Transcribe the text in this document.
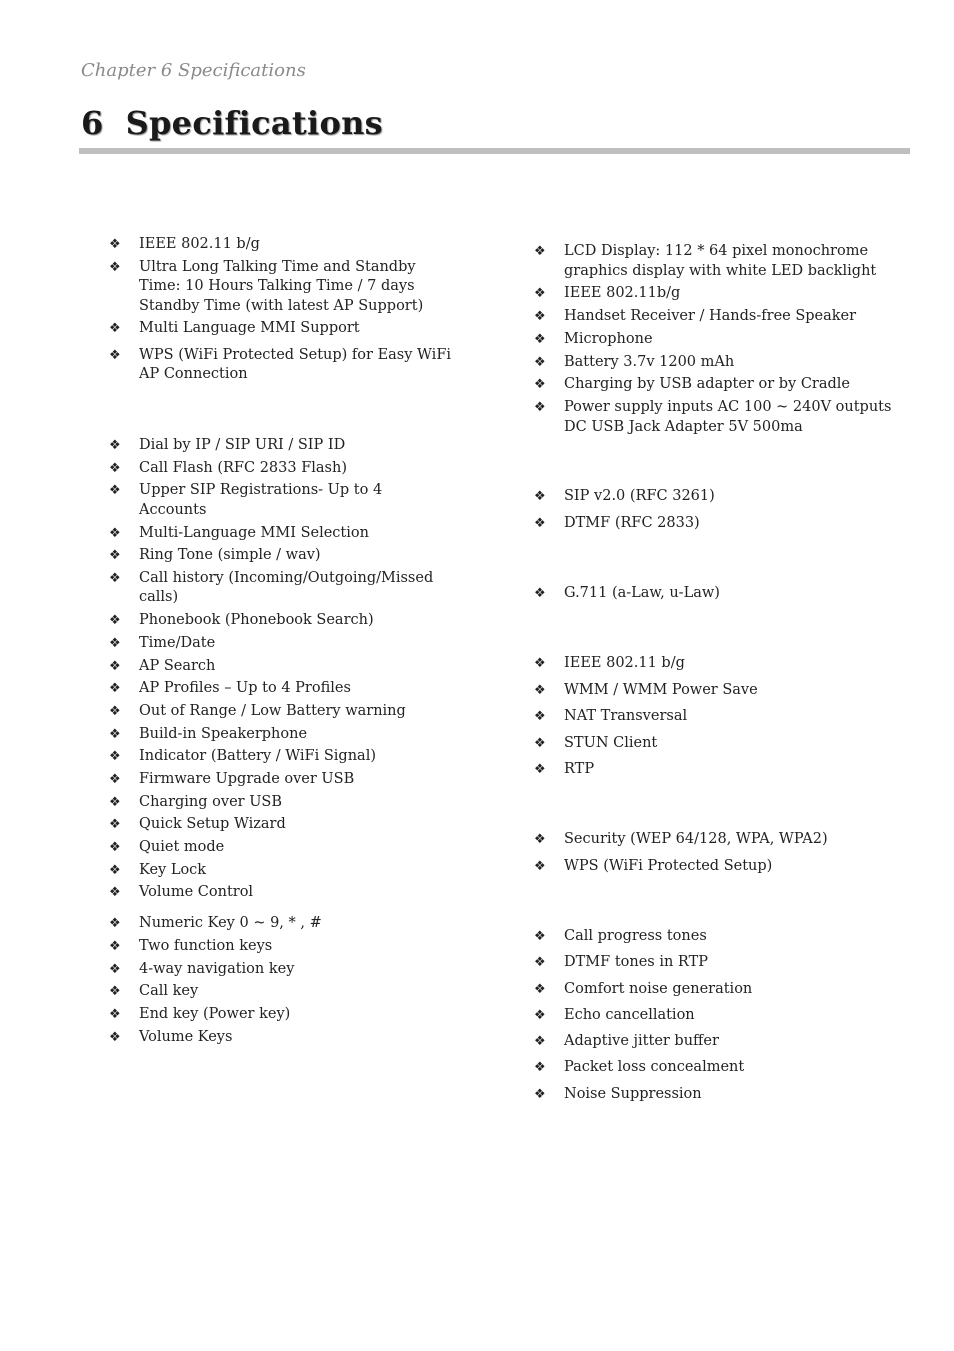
Chapter 6 Specifications
6 Specifications
❖ IEEE 802.11 b/g
❖ Ultra Long Talking Time and Standby Time: 10 Hours Talking Time / 7 days Standby Time (with latest AP Support)
❖ Multi Language MMI Support
❖ WPS (WiFi Protected Setup) for Easy WiFi AP Connection
❖ Dial by IP / SIP URI / SIP ID
❖ Call Flash (RFC 2833 Flash)
❖ Upper SIP Registrations- Up to 4 Accounts
❖ Multi-Language MMI Selection
❖ Ring Tone (simple / wav)
❖ Call history (Incoming/Outgoing/Missed calls)
❖ Phonebook (Phonebook Search)
❖ Time/Date
❖ AP Search
❖ AP Profiles – Up to 4 Profiles
❖ Out of Range / Low Battery warning
❖ Build-in Speakerphone
❖ Indicator (Battery / WiFi Signal)
❖ Firmware Upgrade over USB
❖ Charging over USB
❖ Quick Setup Wizard
❖ Quiet mode
❖ Key Lock
❖ Volume Control
❖ Numeric Key 0 ~ 9, * , #
❖ Two function keys
❖ 4-way navigation key
❖ Call key
❖ End key (Power key)
❖ Volume Keys
❖ LCD Display: 112 * 64 pixel monochrome graphics display with white LED backlight
❖ IEEE 802.11b/g
❖ Handset Receiver / Hands-free Speaker
❖ Microphone
❖ Battery 3.7v 1200 mAh
❖ Charging by USB adapter or by Cradle
❖ Power supply inputs AC 100 ~ 240V outputs DC USB Jack Adapter 5V 500ma
❖ SIP v2.0 (RFC 3261)
❖ DTMF (RFC 2833)
❖ G.711 (a-Law, u-Law)
❖ IEEE 802.11 b/g
❖ WMM / WMM Power Save
❖ NAT Transversal
❖ STUN Client
❖ RTP
❖ Security (WEP 64/128, WPA, WPA2)
❖ WPS (WiFi Protected Setup)
❖ Call progress tones
❖ DTMF tones in RTP
❖ Comfort noise generation
❖ Echo cancellation
❖ Adaptive jitter buffer
❖ Packet loss concealment
❖ Noise Suppression
